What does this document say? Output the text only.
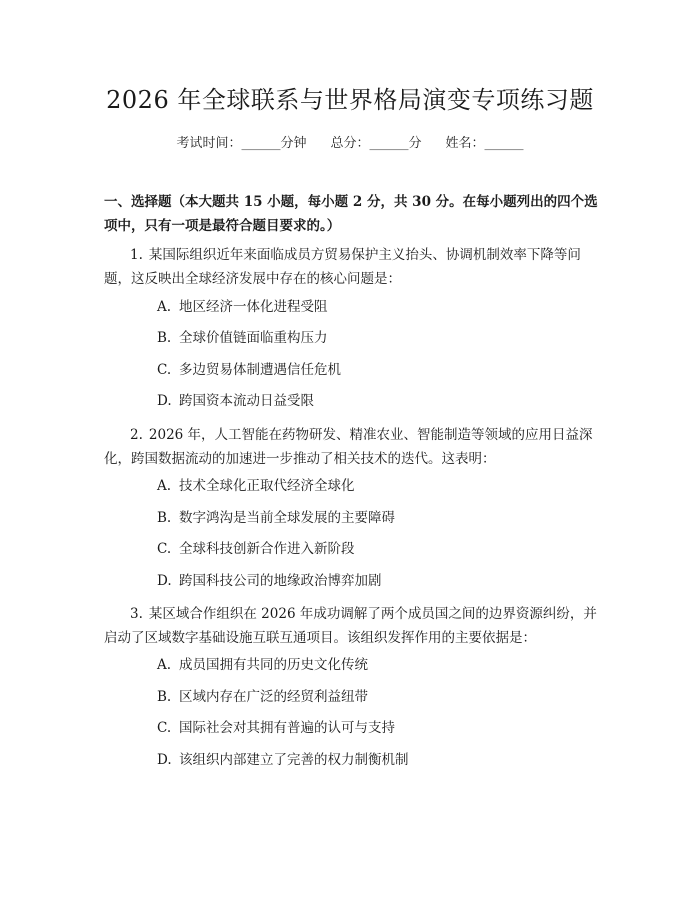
2026 年全球联系与世界格局演变专项练习题
考试时间：______分钟 总分：______分 姓名：______
一、选择题（本大题共 15 小题，每小题 2 分，共 30 分。在每小题列出的四个选项中，只有一项是最符合题目要求的。）
1. 某国际组织近年来面临成员方贸易保护主义抬头、协调机制效率下降等问题，这反映出全球经济发展中存在的核心问题是：
A. 地区经济一体化进程受阻
B. 全球价值链面临重构压力
C. 多边贸易体制遭遇信任危机
D. 跨国资本流动日益受限
2. 2026 年，人工智能在药物研发、精准农业、智能制造等领域的应用日益深化，跨国数据流动的加速进一步推动了相关技术的迭代。这表明：
A. 技术全球化正取代经济全球化
B. 数字鸿沟是当前全球发展的主要障碍
C. 全球科技创新合作进入新阶段
D. 跨国科技公司的地缘政治博弈加剧
3. 某区域合作组织在 2026 年成功调解了两个成员国之间的边界资源纠纷，并启动了区域数字基础设施互联互通项目。该组织发挥作用的主要依据是：
A. 成员国拥有共同的历史文化传统
B. 区域内存在广泛的经贸利益纽带
C. 国际社会对其拥有普遍的认可与支持
D. 该组织内部建立了完善的权力制衡机制
